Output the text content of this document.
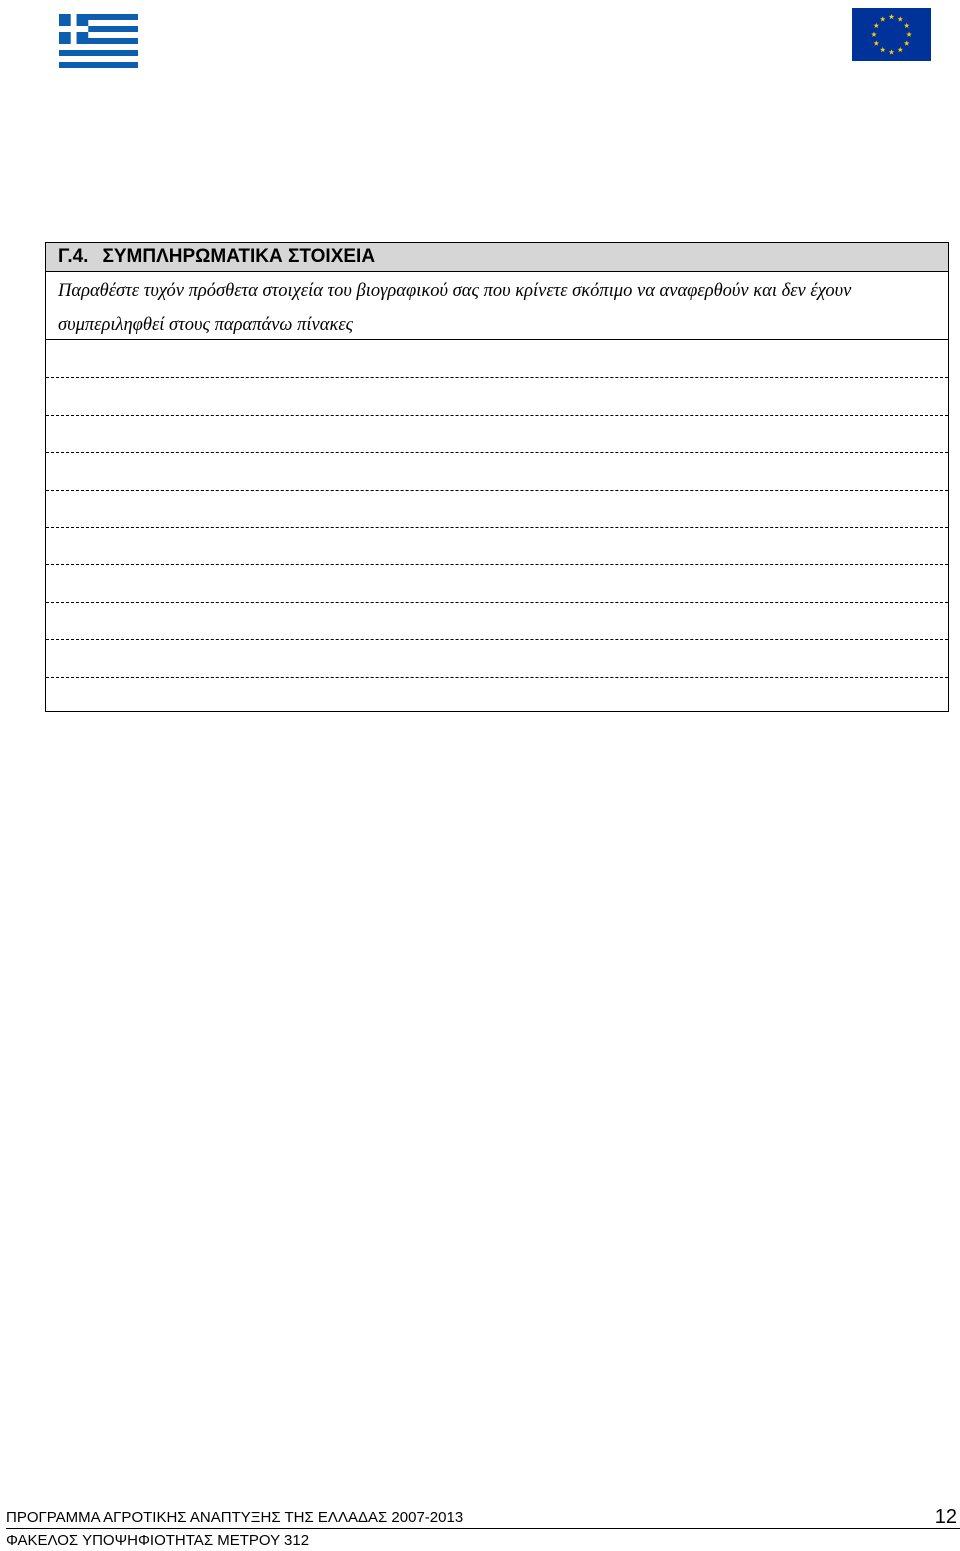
Γ.4. ΣΥΜΠΛΗΡΩΜΑΤΙΚΑ ΣΤΟΙΧΕΙΑ
Παραθέστε τυχόν πρόσθετα στοιχεία του βιογραφικού σας που κρίνετε σκόπιμο να αναφερθούν και δεν έχουν συμπεριληφθεί στους παραπάνω πίνακες
ΠΡΟΓΡΑΜΜΑ ΑΓΡΟΤΙΚΗΣ ΑΝΑΠΤΥΞΗΣ ΤΗΣ ΕΛΛΑΔΑΣ 2007-2013	12
ΦΑΚΕΛΟΣ ΥΠΟΨΗΦΙΟΤΗΤΑΣ ΜΕΤΡΟΥ 312
